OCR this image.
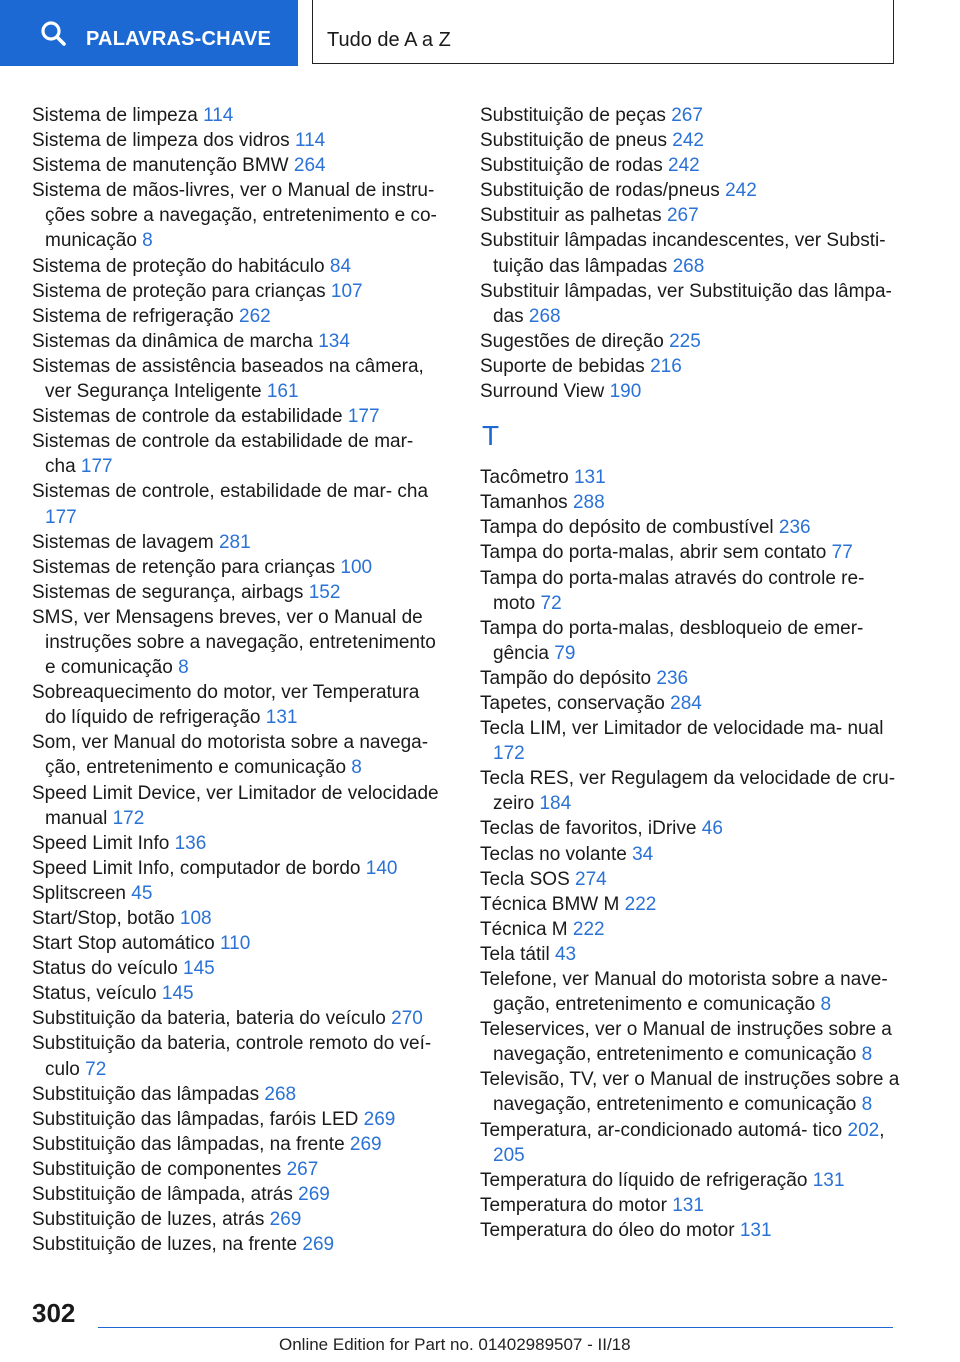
PALAVRAS-CHAVE	Tudo de A a Z
Sistema de limpeza 114
Sistema de limpeza dos vidros 114
Sistema de manutenção BMW 264
Sistema de mãos-livres, ver o Manual de instru‐ ções sobre a navegação, entretenimento e co‐ municação 8
Sistema de proteção do habitáculo 84
Sistema de proteção para crianças 107
Sistema de refrigeração 262
Sistemas da dinâmica de marcha 134
Sistemas de assistência baseados na câmera, ver Segurança Inteligente 161
Sistemas de controle da estabilidade 177
Sistemas de controle da estabilidade de mar‐ cha 177
Sistemas de controle, estabilidade de mar‐ cha 177
Sistemas de lavagem 281
Sistemas de retenção para crianças 100
Sistemas de segurança, airbags 152
SMS, ver Mensagens breves, ver o Manual de instruções sobre a navegação, entretenimento e comunicação 8
Sobreaquecimento do motor, ver Temperatura do líquido de refrigeração 131
Som, ver Manual do motorista sobre a navega‐ ção, entretenimento e comunicação 8
Speed Limit Device, ver Limitador de velocidade manual 172
Speed Limit Info 136
Speed Limit Info, computador de bordo 140
Splitscreen 45
Start/Stop, botão 108
Start Stop automático 110
Status do veículo 145
Status, veículo 145
Substituição da bateria, bateria do veículo 270
Substituição da bateria, controle remoto do veí‐ culo 72
Substituição das lâmpadas 268
Substituição das lâmpadas, faróis LED 269
Substituição das lâmpadas, na frente 269
Substituição de componentes 267
Substituição de lâmpada, atrás 269
Substituição de luzes, atrás 269
Substituição de luzes, na frente 269
Substituição de peças 267
Substituição de pneus 242
Substituição de rodas 242
Substituição de rodas/pneus 242
Substituir as palhetas 267
Substituir lâmpadas incandescentes, ver Substi‐ tuição das lâmpadas 268
Substituir lâmpadas, ver Substituição das lâmpa‐ das 268
Sugestões de direção 225
Suporte de bebidas 216
Surround View 190
T
Tacômetro 131
Tamanhos 288
Tampa do depósito de combustível 236
Tampa do porta-malas, abrir sem contato 77
Tampa do porta-malas através do controle re‐ moto 72
Tampa do porta-malas, desbloqueio de emer‐ gência 79
Tampão do depósito 236
Tapetes, conservação 284
Tecla LIM, ver Limitador de velocidade ma‐ nual 172
Tecla RES, ver Regulagem da velocidade de cru‐ zeiro 184
Teclas de favoritos, iDrive 46
Teclas no volante 34
Tecla SOS 274
Técnica BMW M 222
Técnica M 222
Tela tátil 43
Telefone, ver Manual do motorista sobre a nave‐ gação, entretenimento e comunicação 8
Teleservices, ver o Manual de instruções sobre a navegação, entretenimento e comunicação 8
Televisão, TV, ver o Manual de instruções sobre a navegação, entretenimento e comunicação 8
Temperatura, ar-condicionado automá‐ tico 202, 205
Temperatura do líquido de refrigeração 131
Temperatura do motor 131
Temperatura do óleo do motor 131
302
Online Edition for Part no. 01402989507 - II/18
